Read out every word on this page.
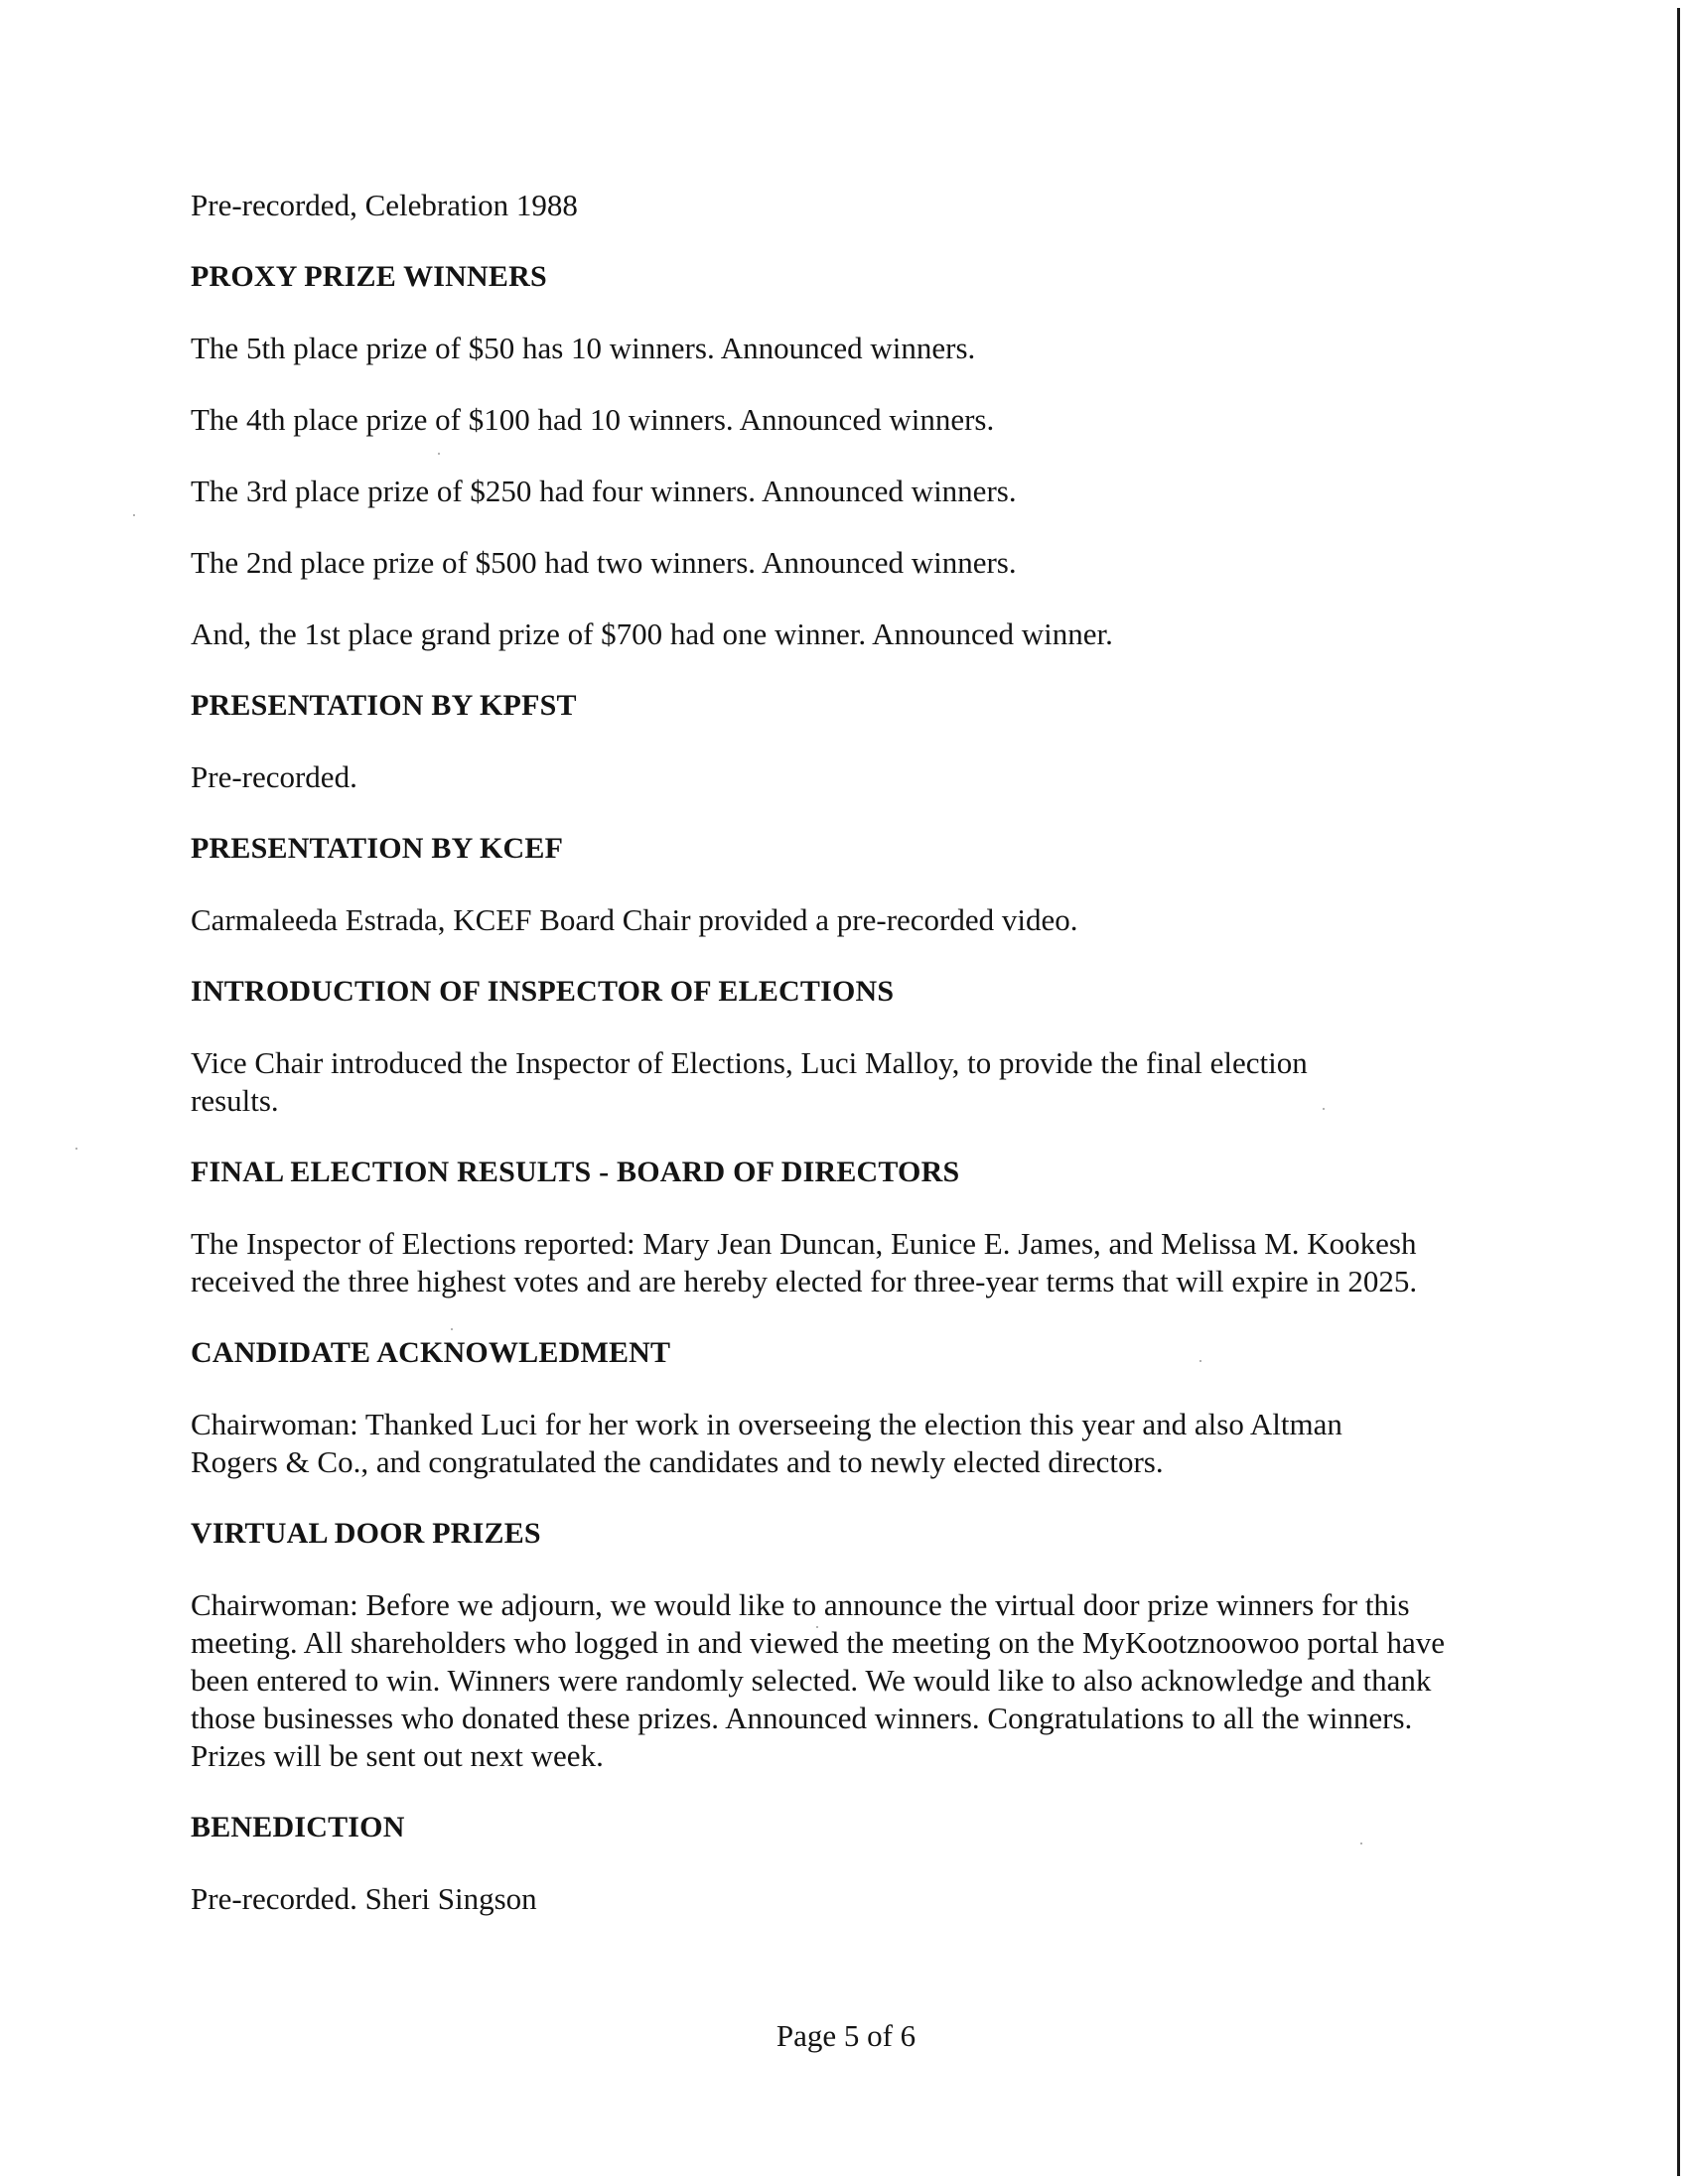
Pre-recorded, Celebration 1988

PROXY PRIZE WINNERS

The 5th place prize of $50 has 10 winners. Announced winners.

The 4th place prize of $100 had 10 winners. Announced winners.

The 3rd place prize of $250 had four winners. Announced winners.

The 2nd place prize of $500 had two winners. Announced winners.

And, the 1st place grand prize of $700 had one winner. Announced winner.

PRESENTATION BY KPFST

Pre-recorded.

PRESENTATION BY KCEF

Carmaleeda Estrada, KCEF Board Chair provided a pre-recorded video.

INTRODUCTION OF INSPECTOR OF ELECTIONS

Vice Chair introduced the Inspector of Elections, Luci Malloy, to provide the final election results.

FINAL ELECTION RESULTS - BOARD OF DIRECTORS

The Inspector of Elections reported: Mary Jean Duncan, Eunice E. James, and Melissa M. Kookesh received the three highest votes and are hereby elected for three-year terms that will expire in 2025.

CANDIDATE ACKNOWLEDMENT

Chairwoman: Thanked Luci for her work in overseeing the election this year and also Altman Rogers & Co., and congratulated the candidates and to newly elected directors.

VIRTUAL DOOR PRIZES

Chairwoman: Before we adjourn, we would like to announce the virtual door prize winners for this meeting. All shareholders who logged in and viewed the meeting on the MyKootznoowoo portal have been entered to win. Winners were randomly selected. We would like to also acknowledge and thank those businesses who donated these prizes. Announced winners. Congratulations to all the winners. Prizes will be sent out next week.

BENEDICTION

Pre-recorded. Sheri Singson

Page 5 of 6
